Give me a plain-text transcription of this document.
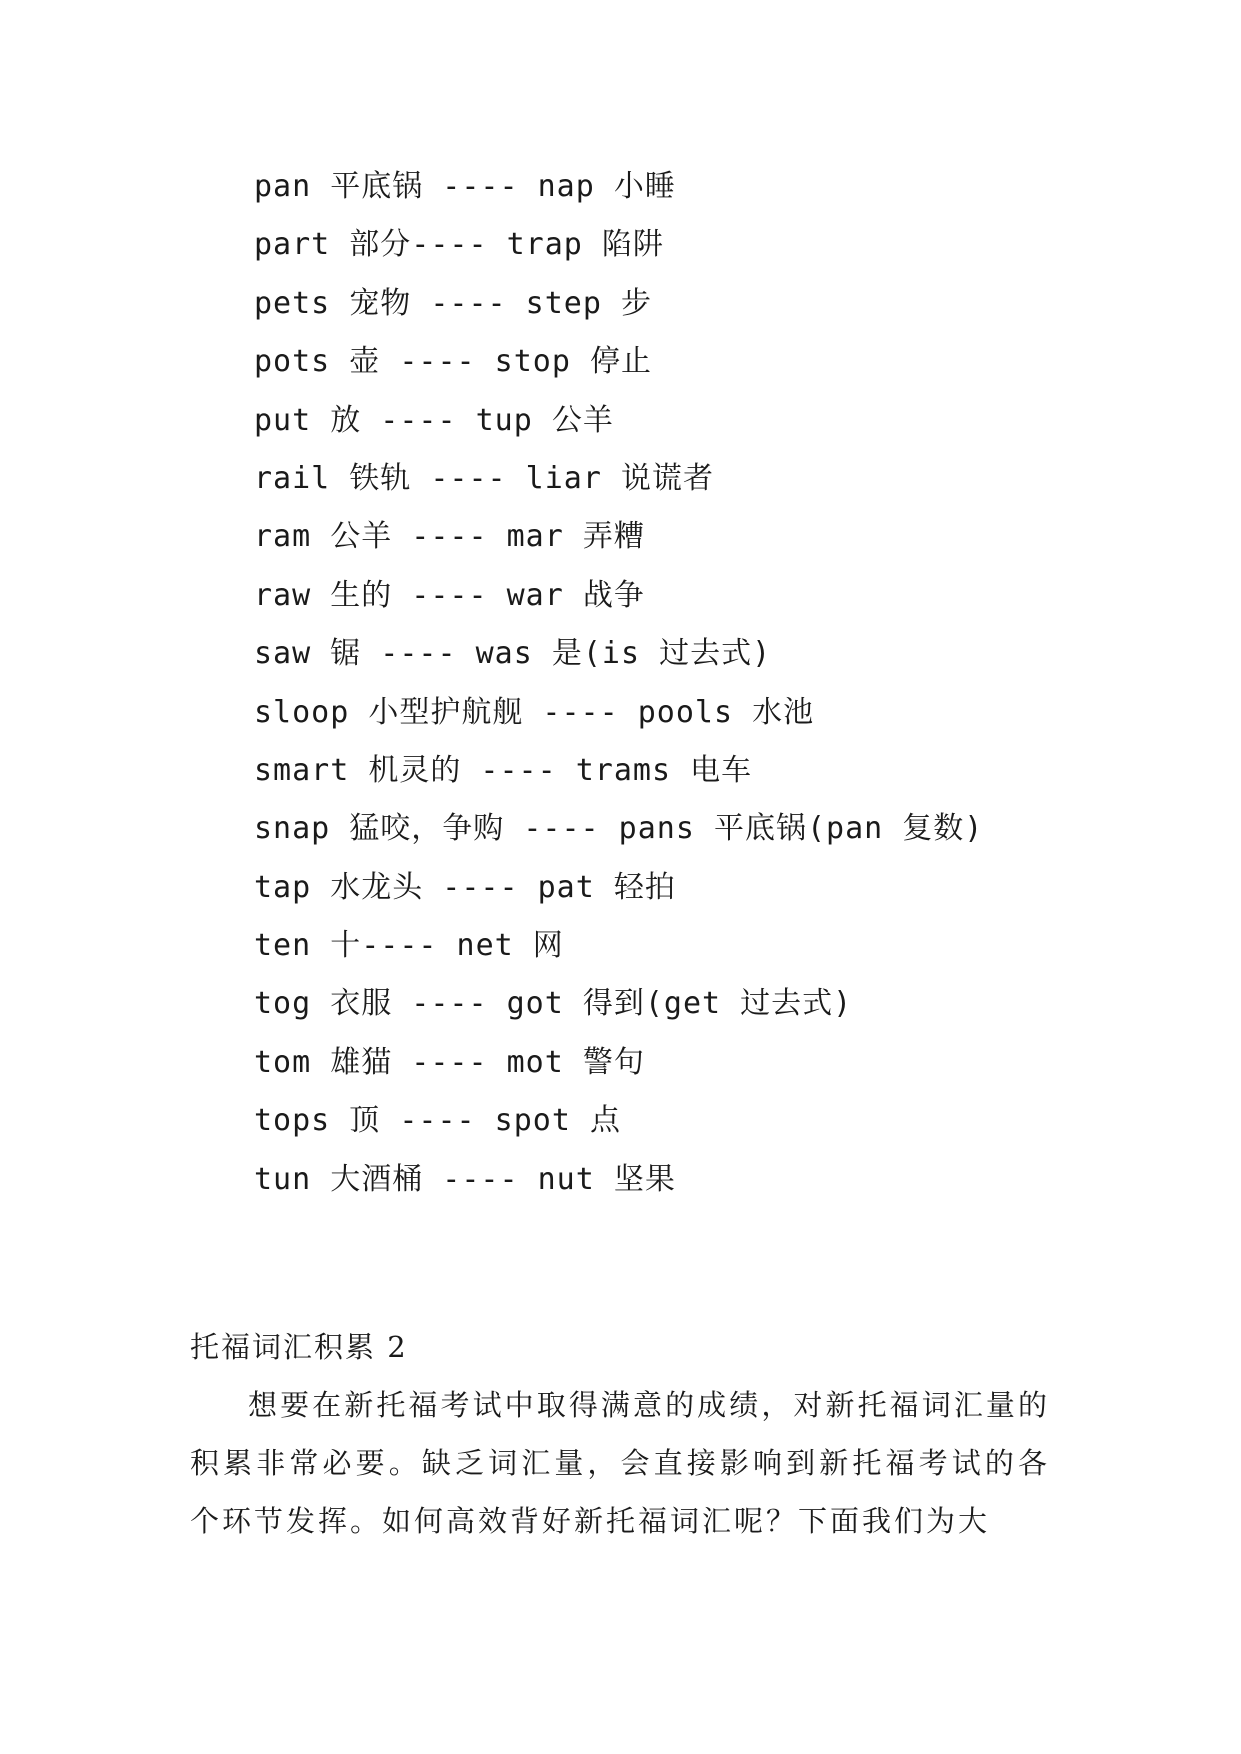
pan 平底锅 ---- nap 小睡
part 部分---- trap 陷阱
pets 宠物 ---- step 步
pots 壶 ---- stop 停止
put 放 ---- tup 公羊
rail 铁轨 ---- liar 说谎者
ram 公羊 ---- mar 弄糟
raw 生的 ---- war 战争
saw 锯 ---- was 是(is 过去式)
sloop 小型护航舰 ---- pools 水池
smart 机灵的 ---- trams 电车
snap 猛咬，争购 ---- pans 平底锅(pan 复数)
tap 水龙头 ---- pat 轻拍
ten 十---- net 网
tog 衣服 ---- got 得到(get 过去式)
tom 雄猫 ---- mot 警句
tops 顶 ---- spot 点
tun 大酒桶 ---- nut 坚果
托福词汇积累 2

想要在新托福考试中取得满意的成绩，对新托福词汇量的积累非常必要。缺乏词汇量，会直接影响到新托福考试的各个环节发挥。如何高效背好新托福词汇呢？下面我们为大
